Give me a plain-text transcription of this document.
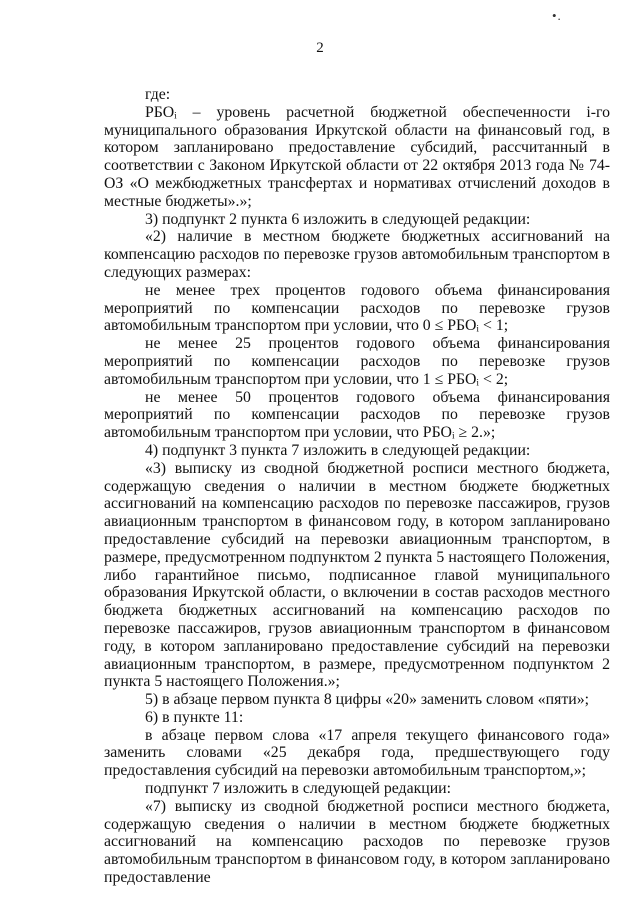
•.
2

где:

РБОᵢ – уровень расчетной бюджетной обеспеченности i-го муниципального образования Иркутской области на финансовый год, в котором запланировано предоставление субсидий, рассчитанный в соответствии с Законом Иркутской области от 22 октября 2013 года № 74-ОЗ «О межбюджетных трансфертах и нормативах отчислений доходов в местные бюджеты».»;

3) подпункт 2 пункта 6 изложить в следующей редакции:

«2) наличие в местном бюджете бюджетных ассигнований на компенсацию расходов по перевозке грузов автомобильным транспортом в следующих размерах:

не менее трех процентов годового объема финансирования мероприятий по компенсации расходов по перевозке грузов автомобильным транспортом при условии, что 0 ≤ РБОᵢ < 1;

не менее 25 процентов годового объема финансирования мероприятий по компенсации расходов по перевозке грузов автомобильным транспортом при условии, что 1 ≤ РБОᵢ < 2;

не менее 50 процентов годового объема финансирования мероприятий по компенсации расходов по перевозке грузов автомобильным транспортом при условии, что РБОᵢ ≥ 2.»;

4) подпункт 3 пункта 7 изложить в следующей редакции:

«3) выписку из сводной бюджетной росписи местного бюджета, содержащую сведения о наличии в местном бюджете бюджетных ассигнований на компенсацию расходов по перевозке пассажиров, грузов авиационным транспортом в финансовом году, в котором запланировано предоставление субсидий на перевозки авиационным транспортом, в размере, предусмотренном подпунктом 2 пункта 5 настоящего Положения, либо гарантийное письмо, подписанное главой муниципального образования Иркутской области, о включении в состав расходов местного бюджета бюджетных ассигнований на компенсацию расходов по перевозке пассажиров, грузов авиационным транспортом в финансовом году, в котором запланировано предоставление субсидий на перевозки авиационным транспортом, в размере, предусмотренном подпунктом 2 пункта 5 настоящего Положения.»;

5) в абзаце первом пункта 8 цифры «20» заменить словом «пяти»;

6) в пункте 11:

в абзаце первом слова «17 апреля текущего финансового года» заменить словами «25 декабря года, предшествующего году предоставления субсидий на перевозки автомобильным транспортом,»;

подпункт 7 изложить в следующей редакции:

«7) выписку из сводной бюджетной росписи местного бюджета, содержащую сведения о наличии в местном бюджете бюджетных ассигнований на компенсацию расходов по перевозке грузов автомобильным транспортом в финансовом году, в котором запланировано предоставление
